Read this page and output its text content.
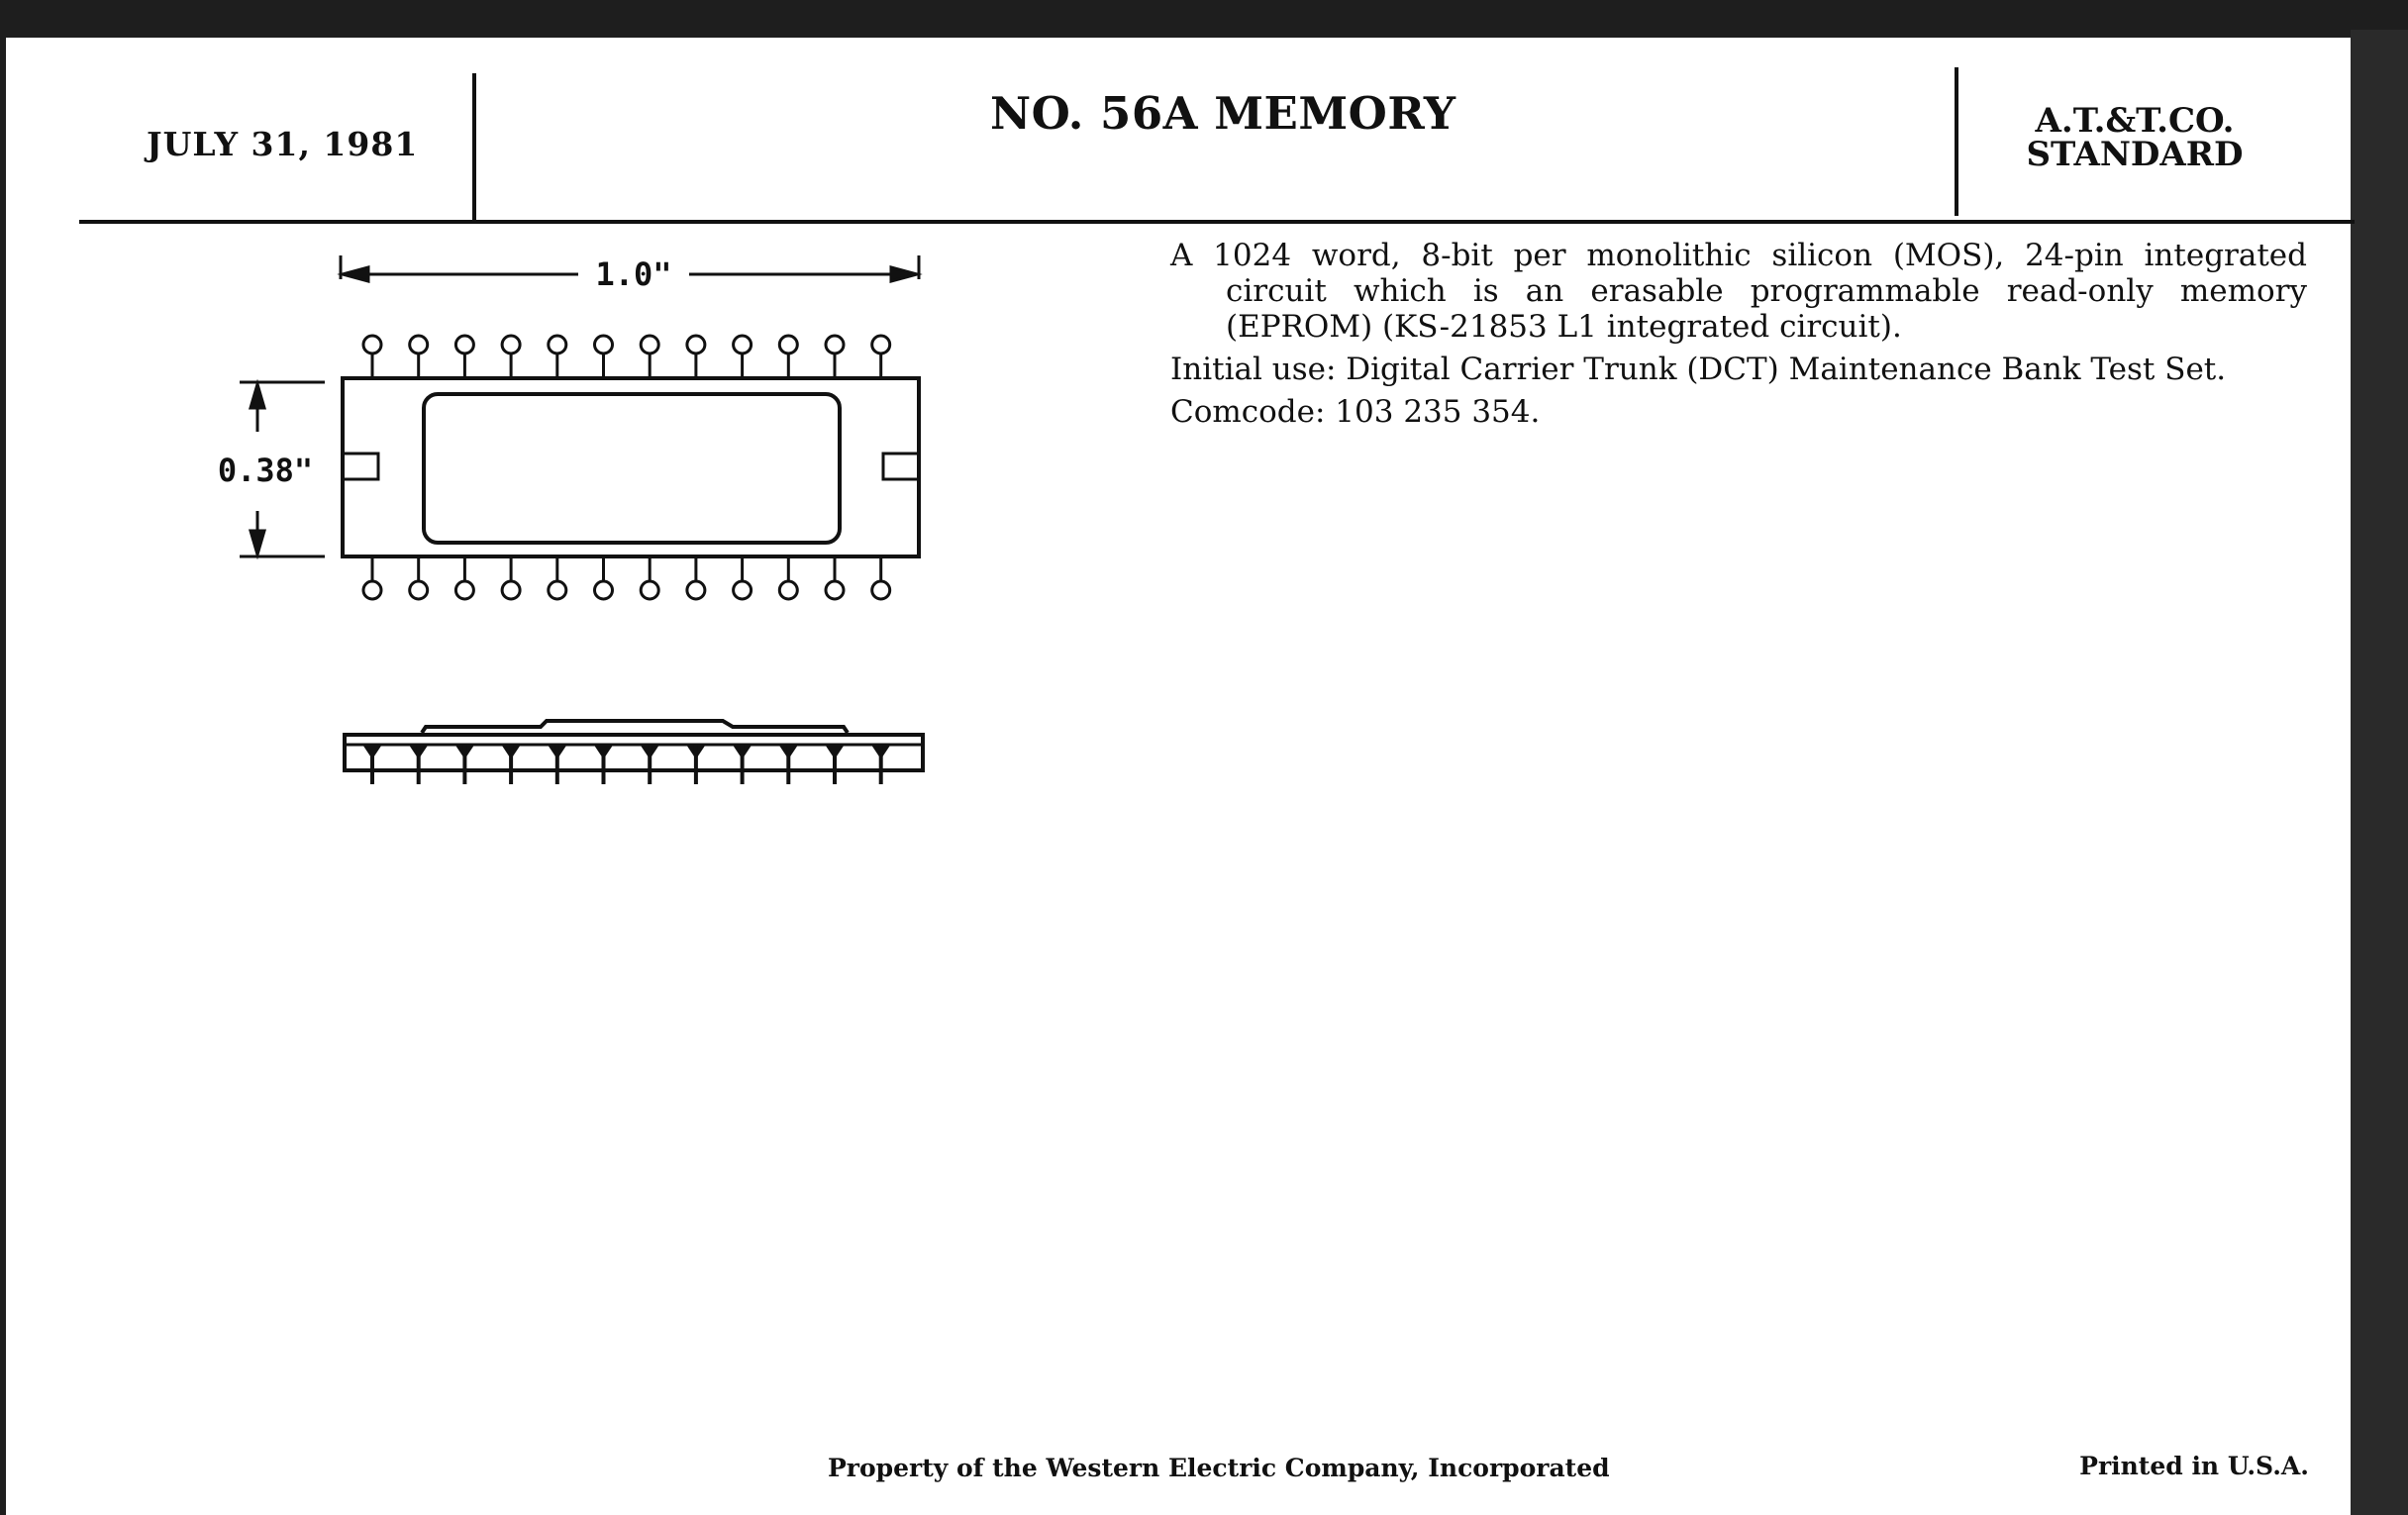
JULY 31, 1981
NO. 56A MEMORY	A.T.&T.CO.
STANDARD
1.0"
0.38"

A 1024 word, 8-bit per monolithic silicon (MOS), 24-pin integrated circuit which is an erasable programmable read-only memory (EPROM) (KS-21853 L1 integrated circuit).

Initial use: Digital Carrier Trunk (DCT) Maintenance Bank Test Set.

Comcode: 103 235 354.

Property of the Western Electric Company, Incorporated	Printed in U.S.A.
